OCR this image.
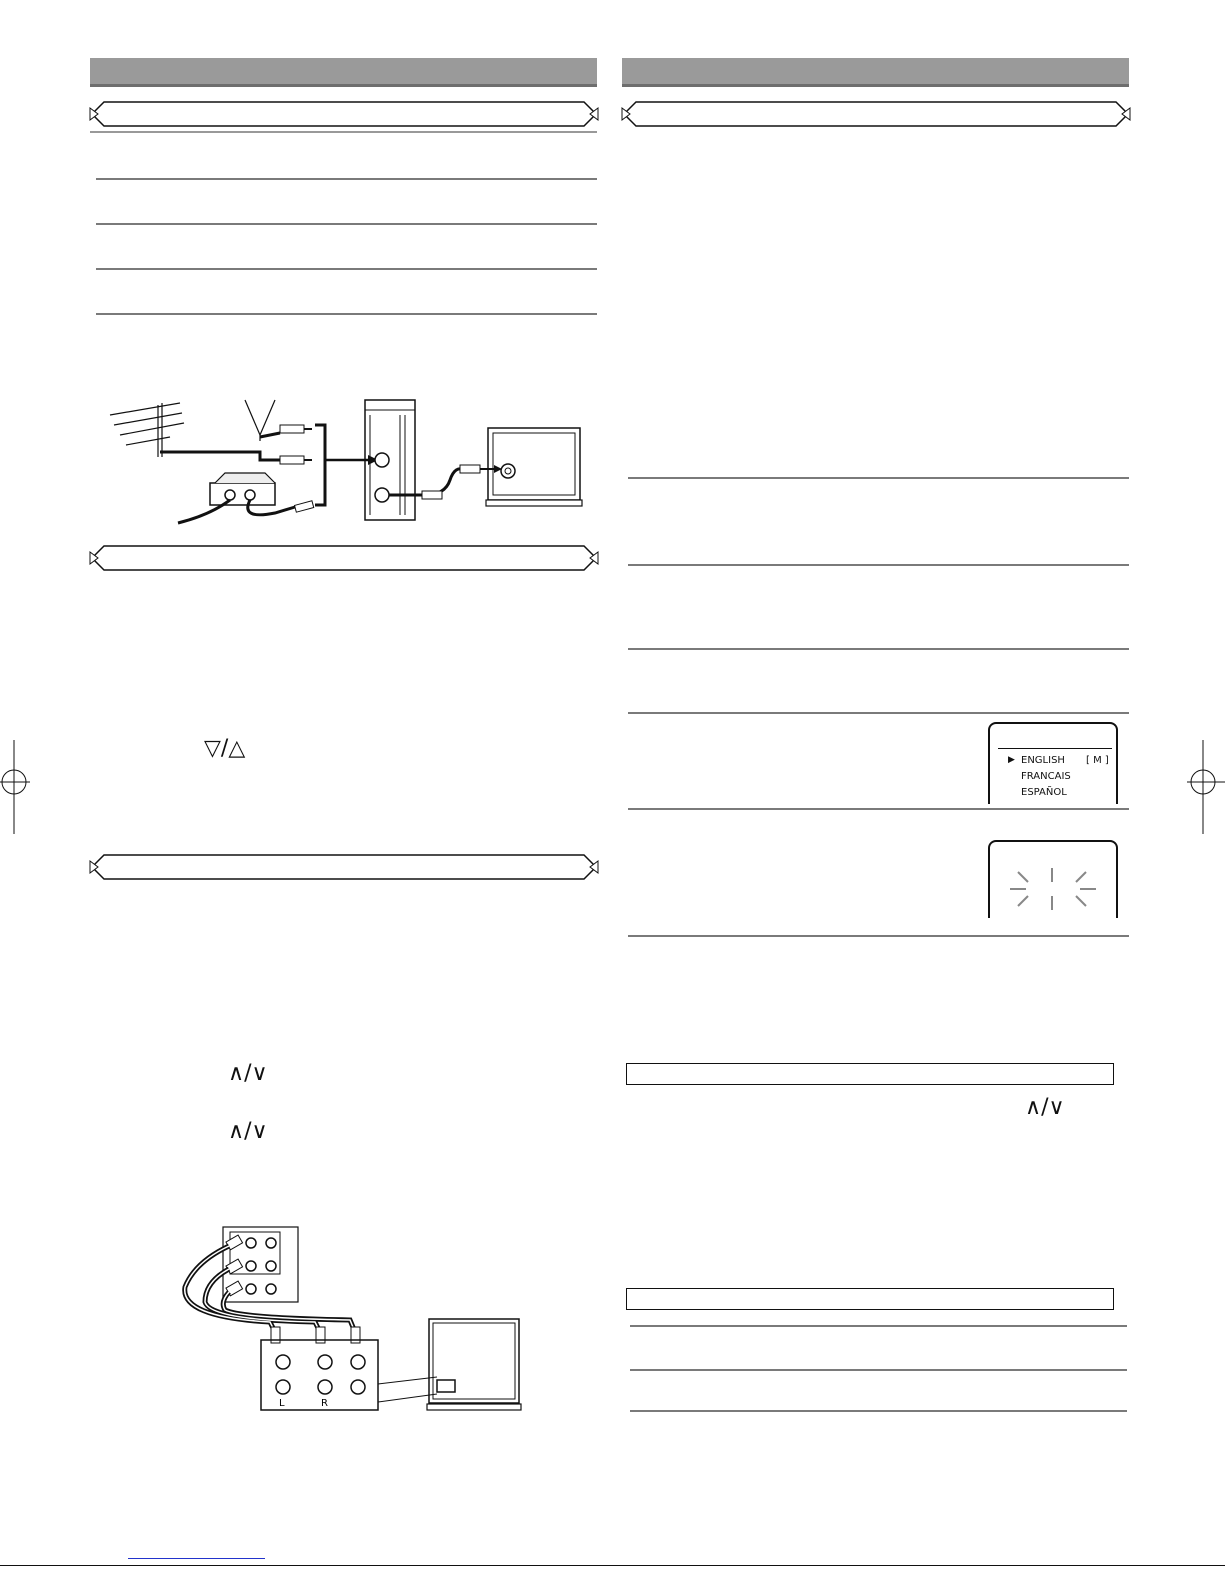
▽/△
∧/∨
∧/∨
L	R
▶ ENGLISH [ M ]
FRANCAIS
ESPAÑOL
∧/∨
